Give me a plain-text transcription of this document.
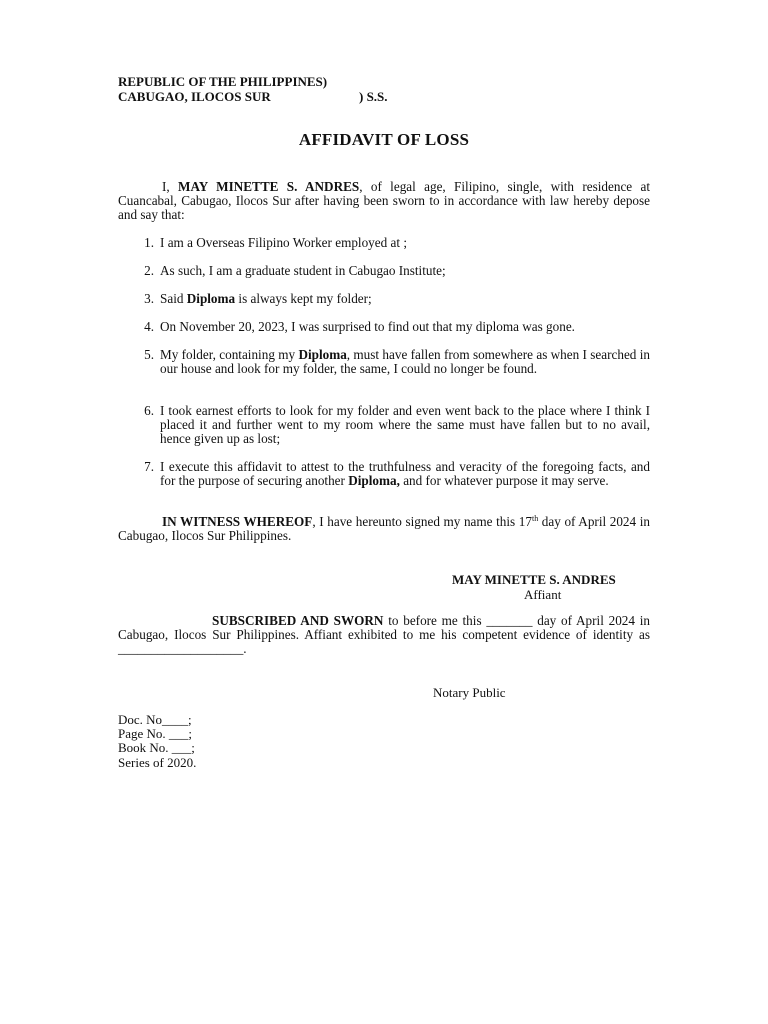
REPUBLIC OF THE PHILIPPINES)
CABUGAO, ILOCOS SUR	) S.S.
AFFIDAVIT OF LOSS
I, MAY MINETTE S. ANDRES, of legal age, Filipino, single, with residence at Cuancabal, Cabugao, Ilocos Sur after having been sworn to in accordance with law hereby depose and say that:
1. I am a Overseas Filipino Worker employed at ;
2. As such, I am a graduate student in Cabugao Institute;
3. Said Diploma is always kept my folder;
4. On November 20, 2023, I was surprised to find out that my diploma was gone.
5. My folder, containing my Diploma, must have fallen from somewhere as when I searched in our house and look for my folder, the same, I could no longer be found.
6. I took earnest efforts to look for my folder and even went back to the place where I think I placed it and further went to my room where the same must have fallen but to no avail, hence given up as lost;
7. I execute this affidavit to attest to the truthfulness and veracity of the foregoing facts, and for the purpose of securing another Diploma, and for whatever purpose it may serve.
IN WITNESS WHEREOF, I have hereunto signed my name this 17th day of April 2024 in Cabugao, Ilocos Sur Philippines.
MAY MINETTE S. ANDRES
Affiant
SUBSCRIBED AND SWORN to before me this _______ day of April 2024 in Cabugao, Ilocos Sur Philippines. Affiant exhibited to me his competent evidence of identity as ___________________.
Notary Public
Doc. No____;
Page No. ___;
Book No. ___;
Series of 2020.
